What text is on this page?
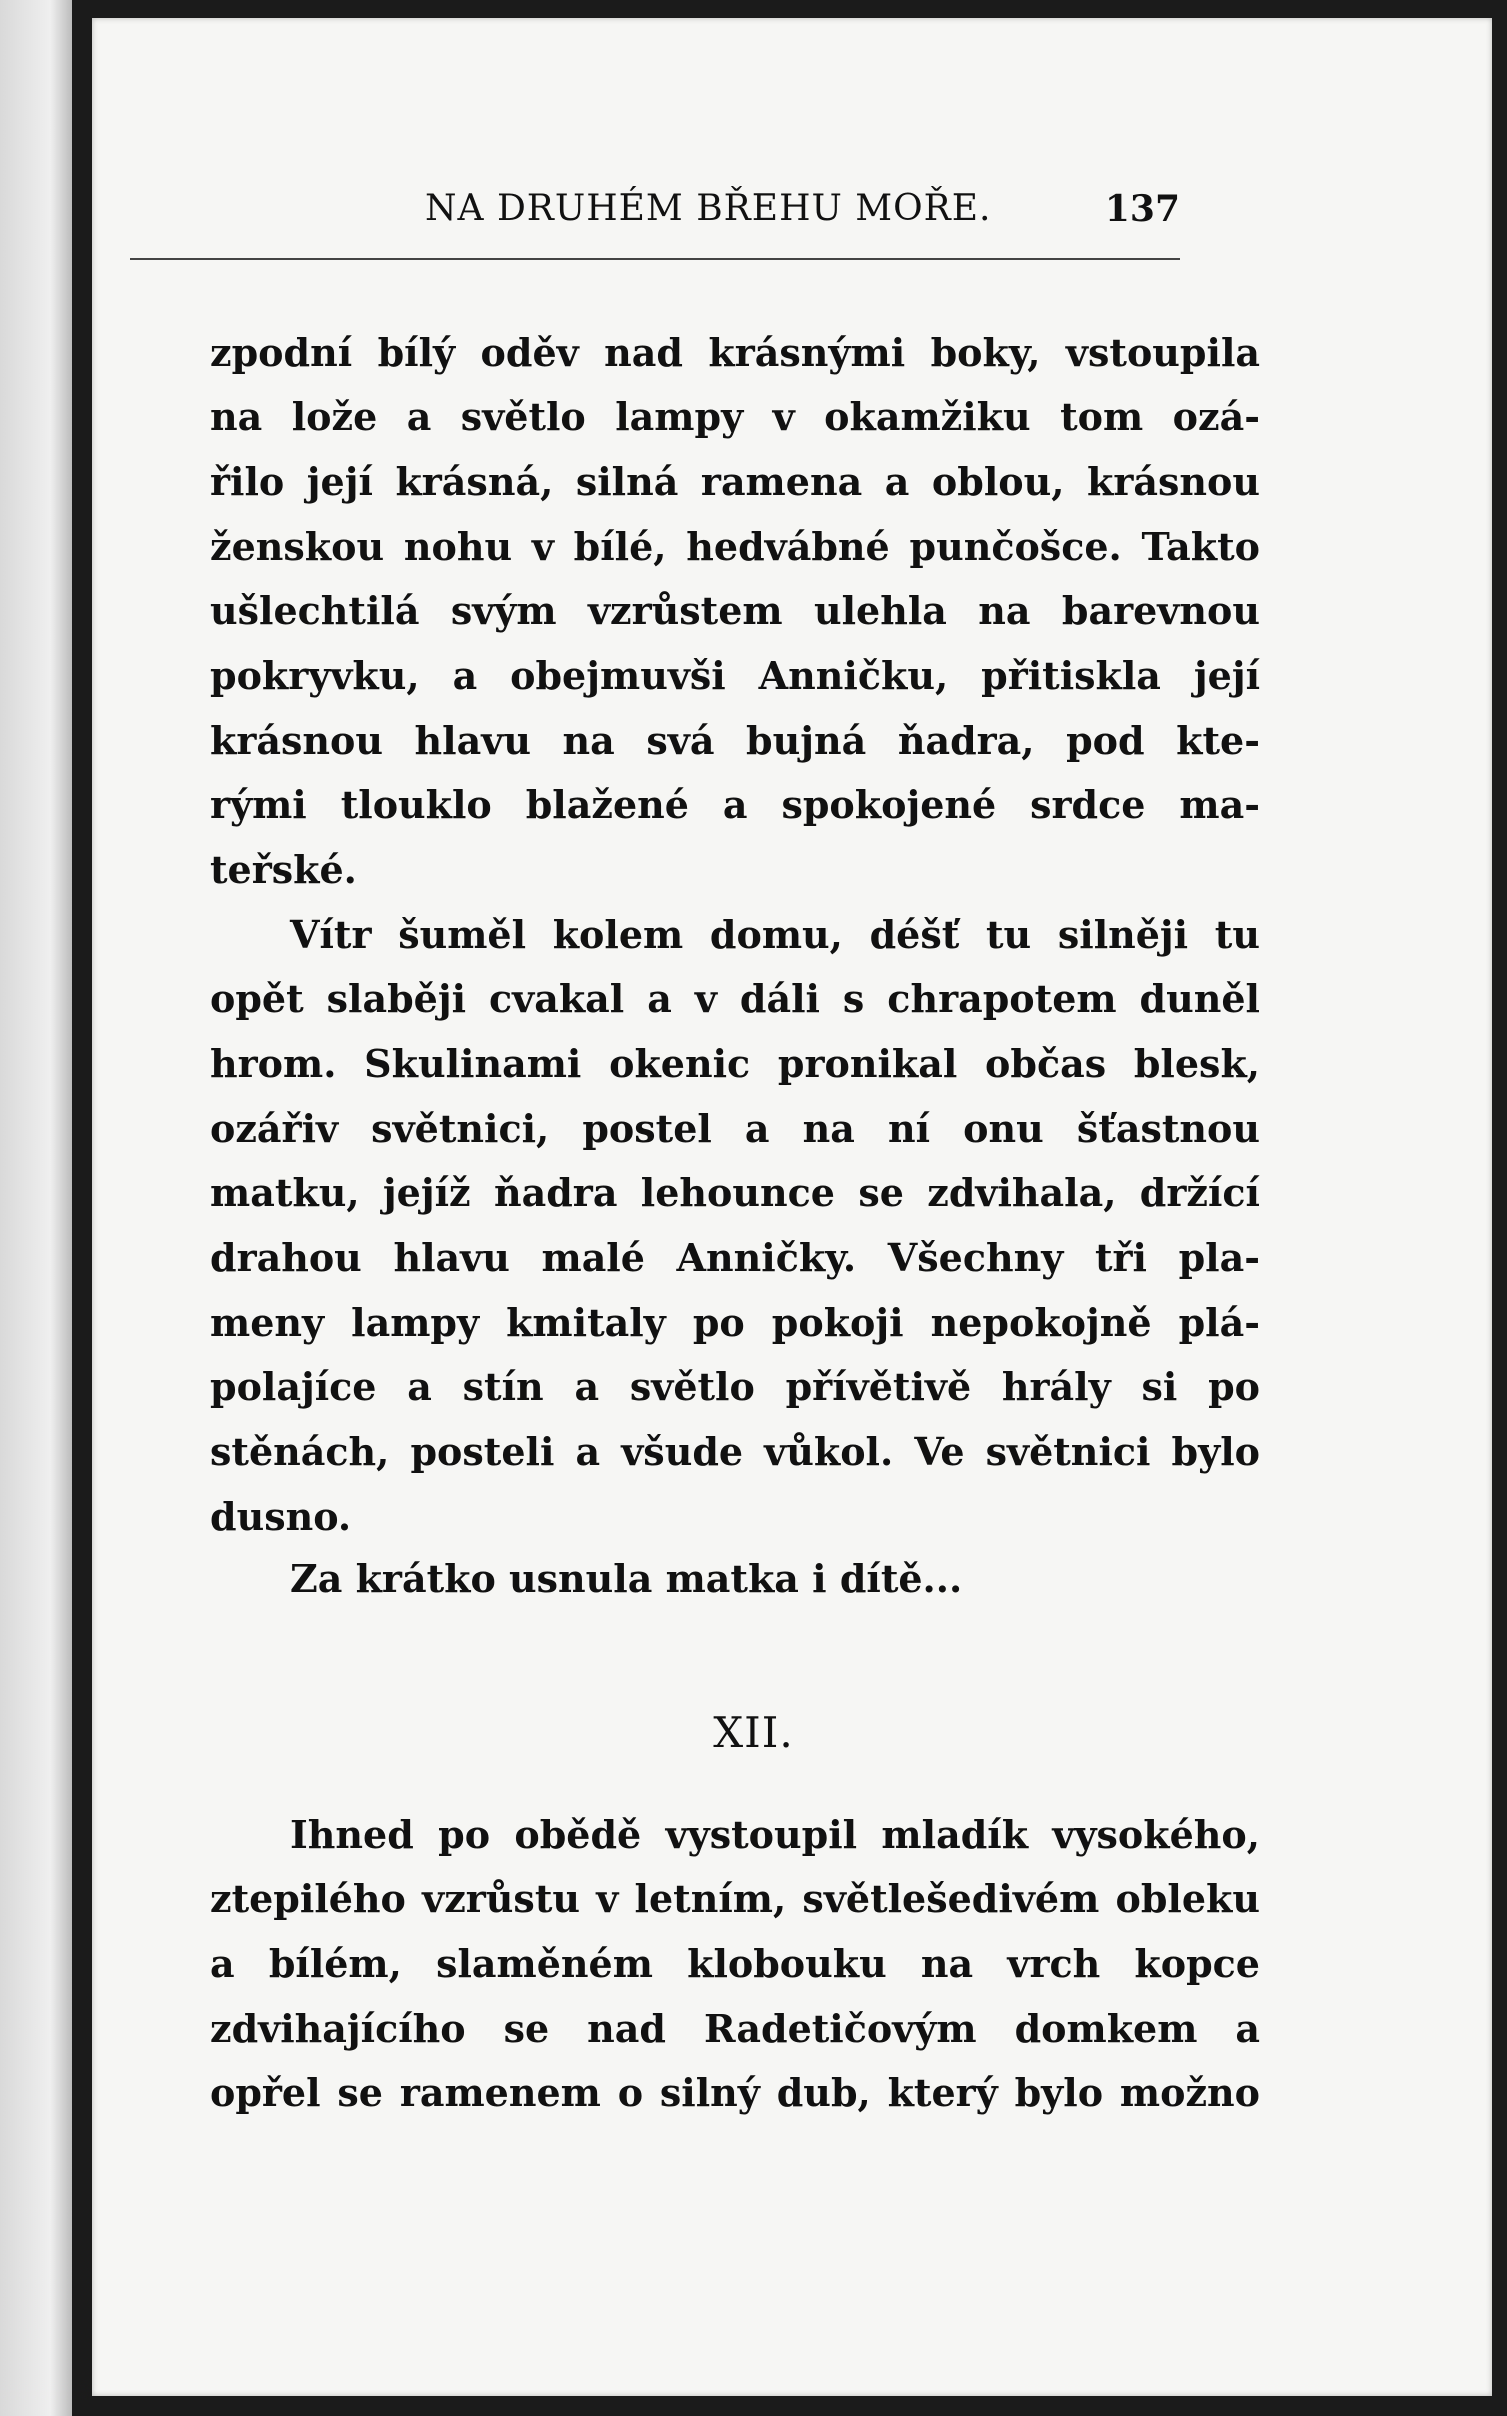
NA DRUHÉM BŘEHU MOŘE.	137
zpodní bílý oděv nad krásnými boky, vstoupila
na lože a světlo lampy v okamžiku tom ozá-
řilo její krásná, silná ramena a oblou, krásnou
ženskou nohu v bílé, hedvábné punčošce. Takto
ušlechtilá svým vzrůstem ulehla na barevnou
pokryvku, a obejmuvši Anničku, přitiskla její
krásnou hlavu na svá bujná ňadra, pod kte-
rými tlouklo blažené a spokojené srdce ma-
teřské.
Vítr šuměl kolem domu, déšť tu silněji tu
opět slaběji cvakal a v dáli s chrapotem duněl
hrom. Skulinami okenic pronikal občas blesk,
ozářiv světnici, postel a na ní onu šťastnou
matku, jejíž ňadra lehounce se zdvihala, držící
drahou hlavu malé Anničky. Všechny tři pla-
meny lampy kmitaly po pokoji nepokojně plá-
polajíce a stín a světlo přívětivě hrály si po
stěnách, posteli a všude vůkol. Ve světnici bylo
dusno.
Za krátko usnula matka i dítě...
XII.
Ihned po obědě vystoupil mladík vysokého,
ztepilého vzrůstu v letním, světlešedivém obleku
a bílém, slaměném klobouku na vrch kopce
zdvihajícího se nad Radetičovým domkem a
opřel se ramenem o silný dub, který bylo možno
